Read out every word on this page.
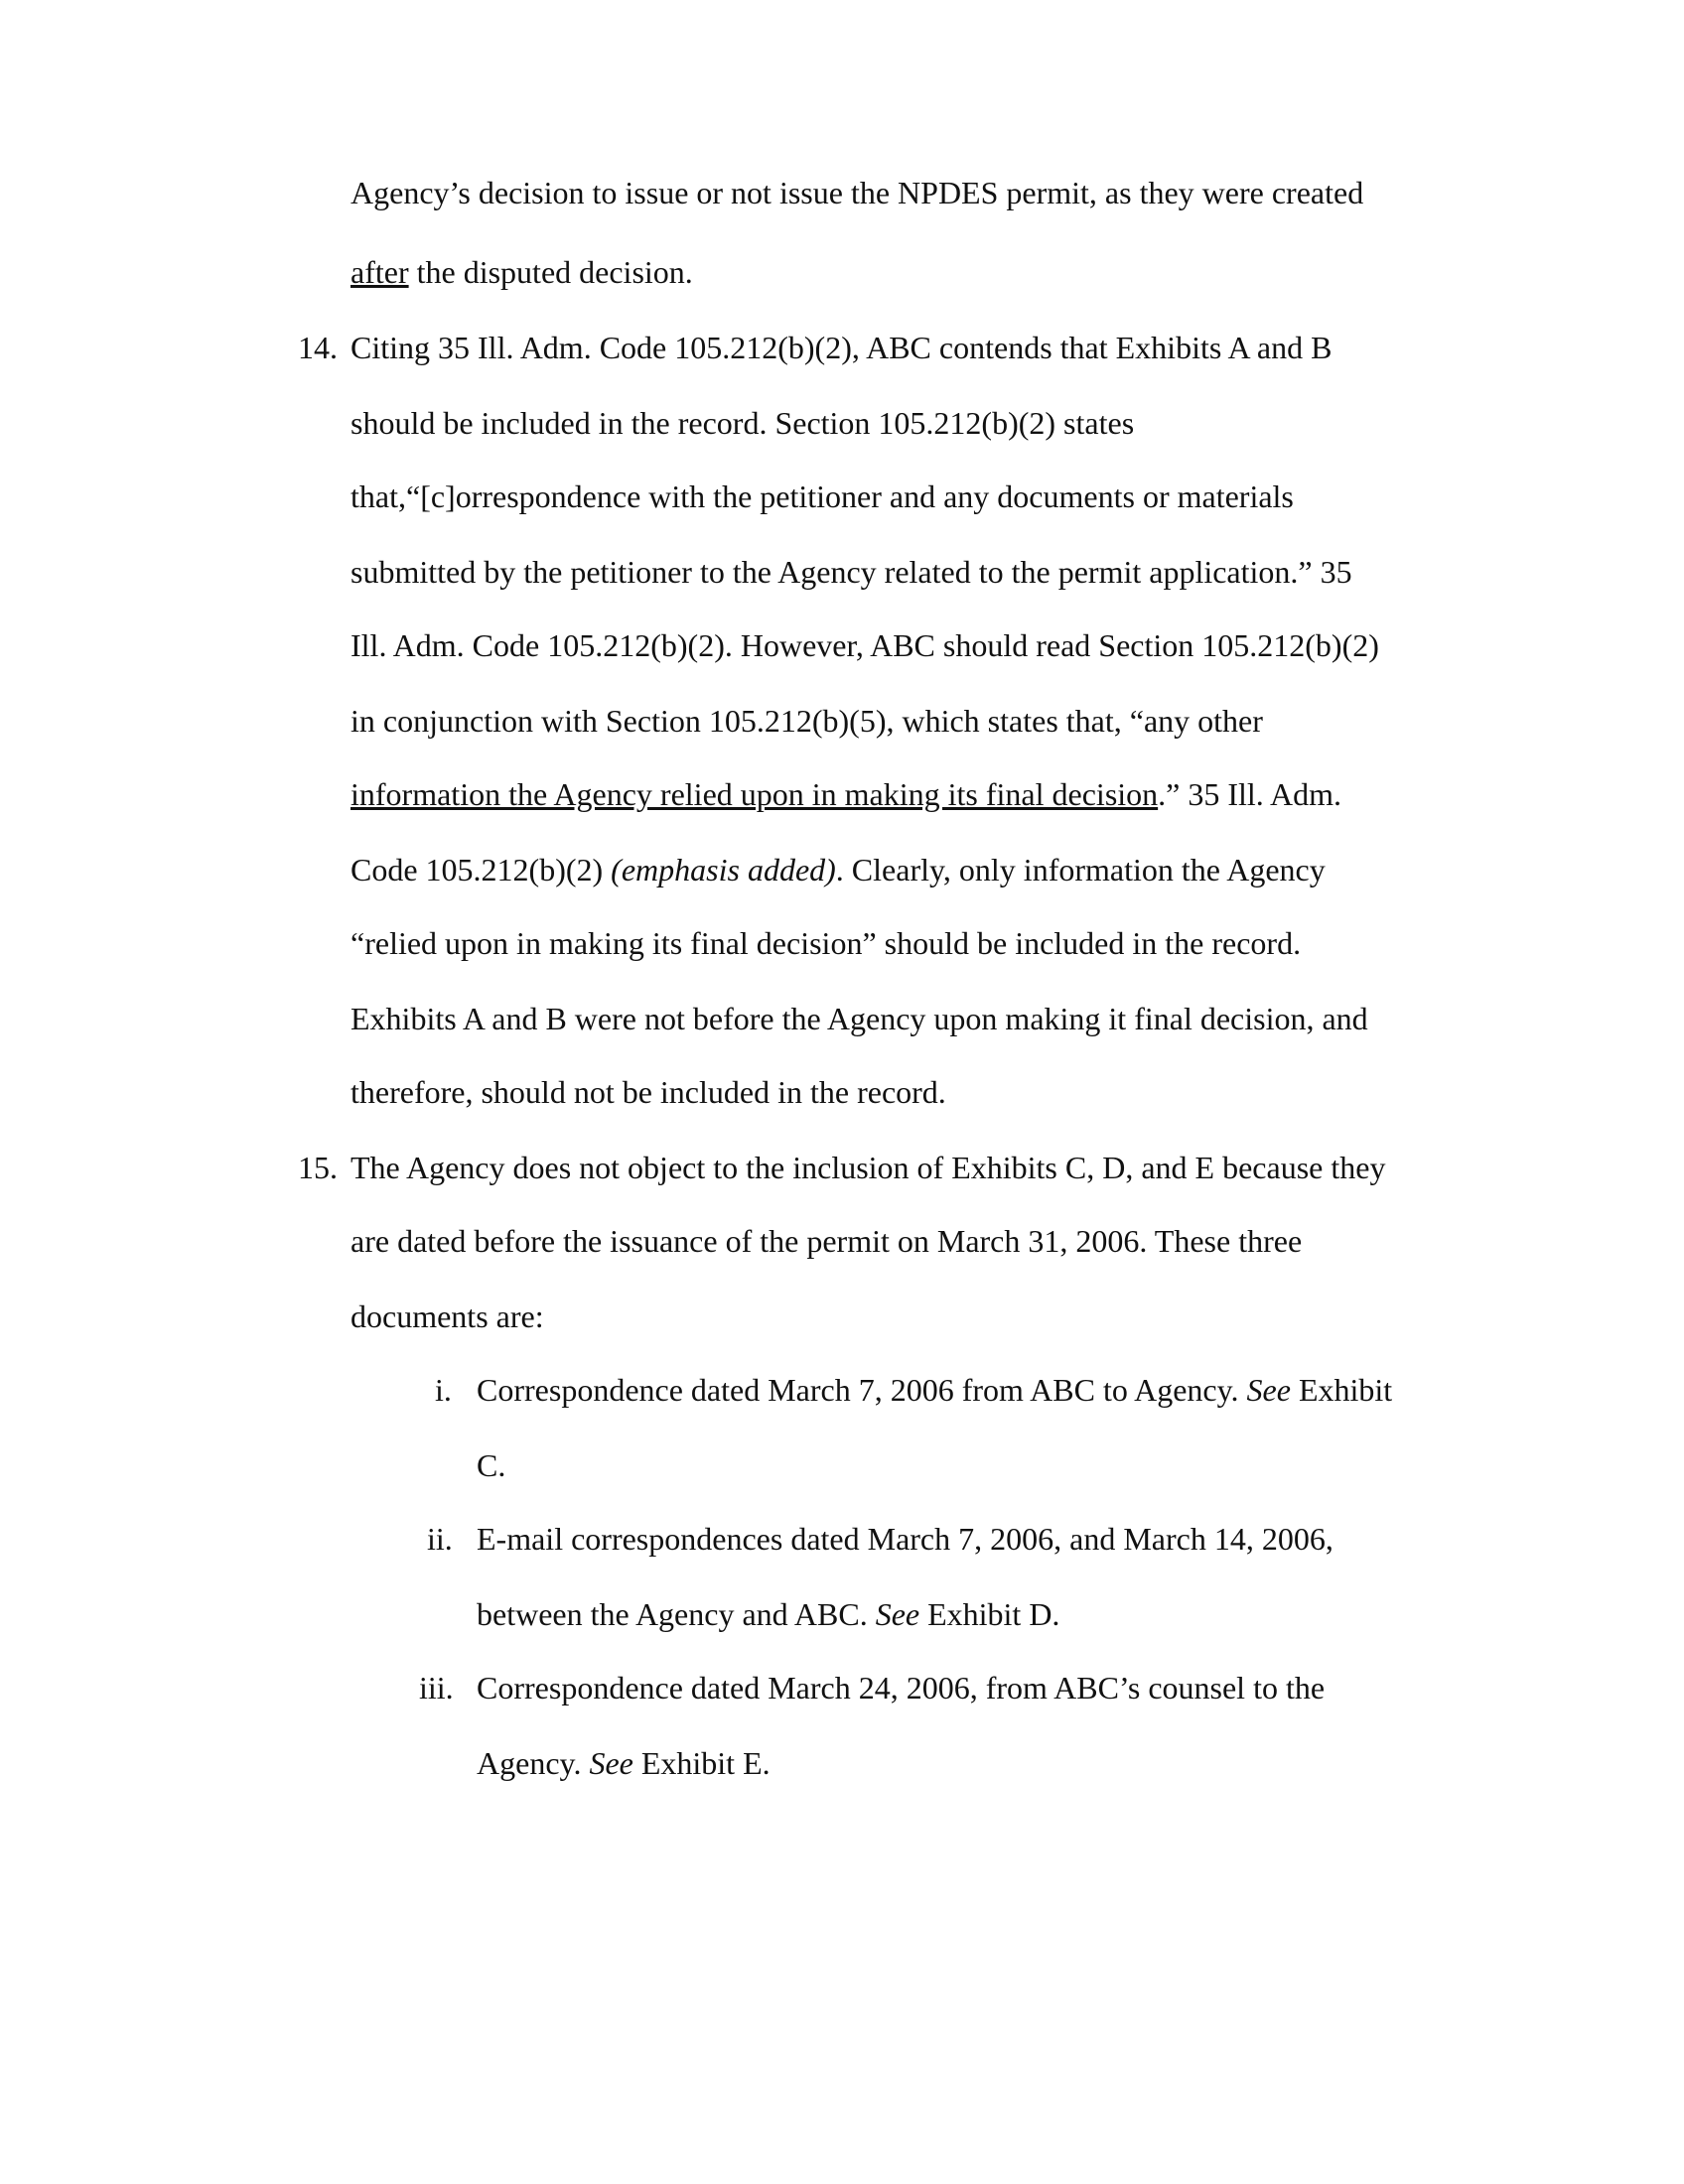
Agency’s decision to issue or not issue the NPDES permit, as they were created
after the disputed decision.
14. Citing 35 Ill. Adm. Code 105.212(b)(2), ABC contends that Exhibits A and B
should be included in the record. Section 105.212(b)(2) states
that,“[c]orrespondence with the petitioner and any documents or materials
submitted by the petitioner to the Agency related to the permit application.” 35
Ill. Adm. Code 105.212(b)(2). However, ABC should read Section 105.212(b)(2)
in conjunction with Section 105.212(b)(5), which states that, “any other
information the Agency relied upon in making its final decision.” 35 Ill. Adm.
Code 105.212(b)(2) (emphasis added). Clearly, only information the Agency
“relied upon in making its final decision” should be included in the record.
Exhibits A and B were not before the Agency upon making it final decision, and
therefore, should not be included in the record.
15. The Agency does not object to the inclusion of Exhibits C, D, and E because they
are dated before the issuance of the permit on March 31, 2006. These three
documents are:
i. Correspondence dated March 7, 2006 from ABC to Agency. See Exhibit
C.
ii. E-mail correspondences dated March 7, 2006, and March 14, 2006,
between the Agency and ABC. See Exhibit D.
iii. Correspondence dated March 24, 2006, from ABC’s counsel to the
Agency. See Exhibit E.
